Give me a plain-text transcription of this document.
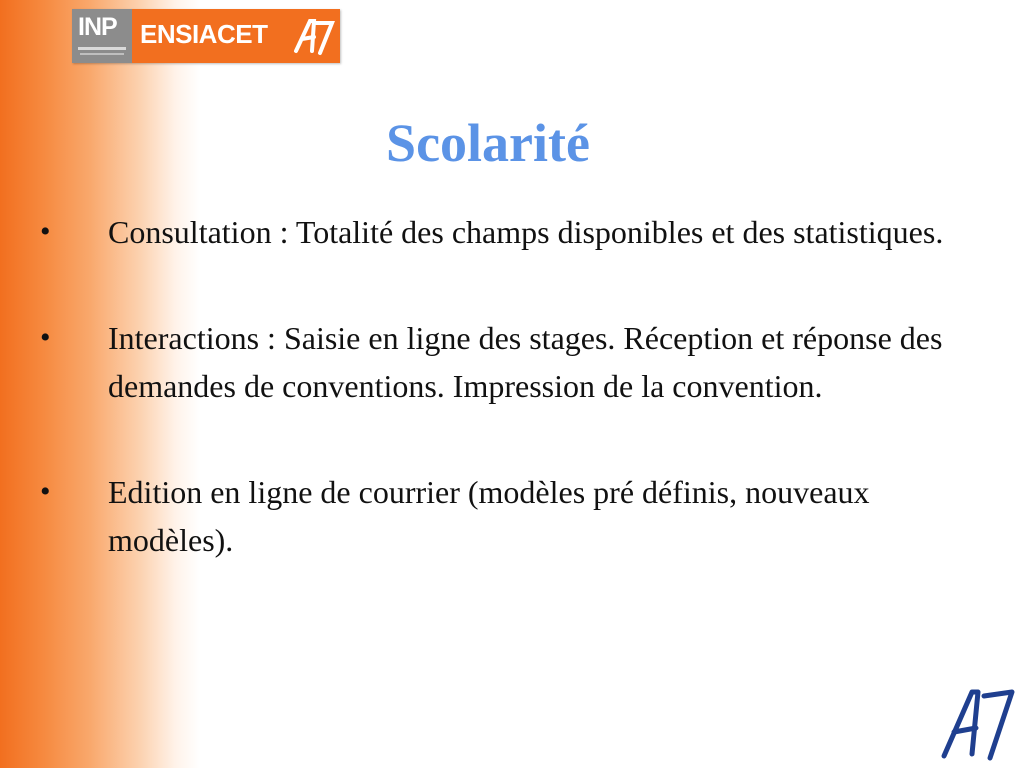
INP ENSIACET
Scolarité
• Consultation : Totalité des champs disponibles et des statistiques.
• Interactions : Saisie en ligne des stages. Réception et réponse des demandes de conventions. Impression de la convention.
• Edition en ligne de courrier (modèles pré définis, nouveaux modèles).
